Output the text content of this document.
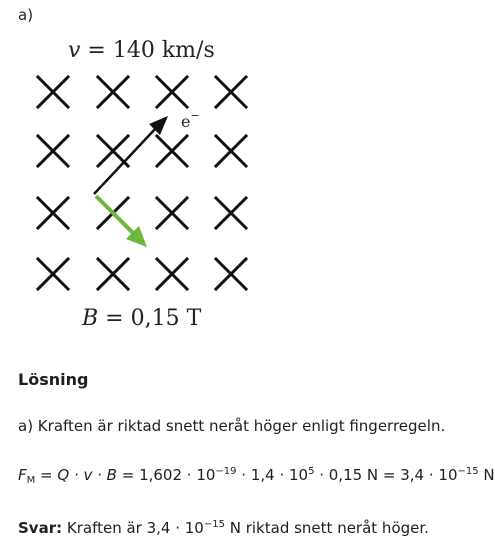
a)
e−
v = 140 km/s
B = 0,15 T
Lösning
a) Kraften är riktad snett neråt höger enligt fingerregeln.
$F_M = Q \cdot v \cdot B = 1,602 \cdot 10^{-19} \cdot 1,4 \cdot 10^5 \cdot 0,15$ $N = 3,4 \cdot 10^{-15}$ N
Svar: Kraften är $3,4 \cdot 10^{-15}$ N riktad snett neråt höger.
